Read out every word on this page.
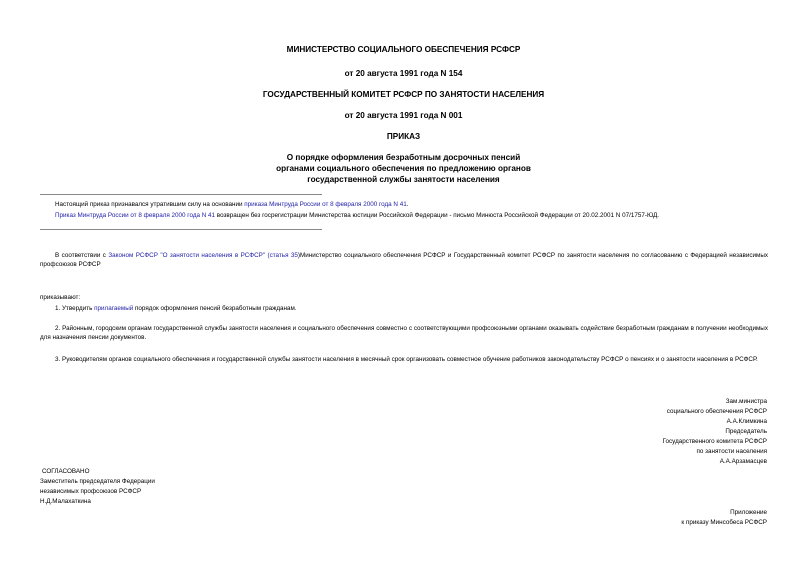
МИНИСТЕРСТВО СОЦИАЛЬНОГО ОБЕСПЕЧЕНИЯ РСФСР
от 20 августа 1991 года N 154
ГОСУДАРСТВЕННЫЙ КОМИТЕТ РСФСР ПО ЗАНЯТОСТИ НАСЕЛЕНИЯ
от 20 августа 1991 года N 001
ПРИКАЗ
О порядке оформления безработным досрочных пенсий
органами социального обеспечения по предложению органов
государственной службы занятости населения
Настоящий приказ признавался утратившим силу на основании приказа Минтруда России от 8 февраля 2000 года N 41.
Приказ Минтруда России от 8 февраля 2000 года N 41 возвращен без госрегистрации Министерства юстиции Российской Федерации - письмо Минюста Российской Федерации от 20.02.2001 N 07/1757-ЮД.
В соответствии с Законом РСФСР "О занятости населения в РСФСР" (статья 35)Министерство социального обеспечения РСФСР и Государственный комитет РСФСР по занятости населения по согласованию с Федерацией независимых профсоюзов РСФСР
приказывают:
1. Утвердить прилагаемый порядок оформления пенсий безработным гражданам.
2. Районным, городским органам государственной службы занятости населения и социального обеспечения совместно с соответствующими профсоюзными органами оказывать содействие безработным гражданам в получении необходимых для назначения пенсии документов.
3. Руководителям органов социального обеспечения и государственной службы занятости населения в месячный срок организовать совместное обучение работников законодательству РСФСР о пенсиях и о занятости населения в РСФСР.
Зам.министра
социального обеспечения РСФСР
А.А.Климкина
Председатель
Государственного комитета РСФСР
по занятости населения
А.А.Арзамасцев
СОГЛАСОВАНО
Заместитель председателя Федерации
независимых профсоюзов РСФСР
Н.Д.Малахаткина
Приложение
к приказу Минсобеса РСФСР
